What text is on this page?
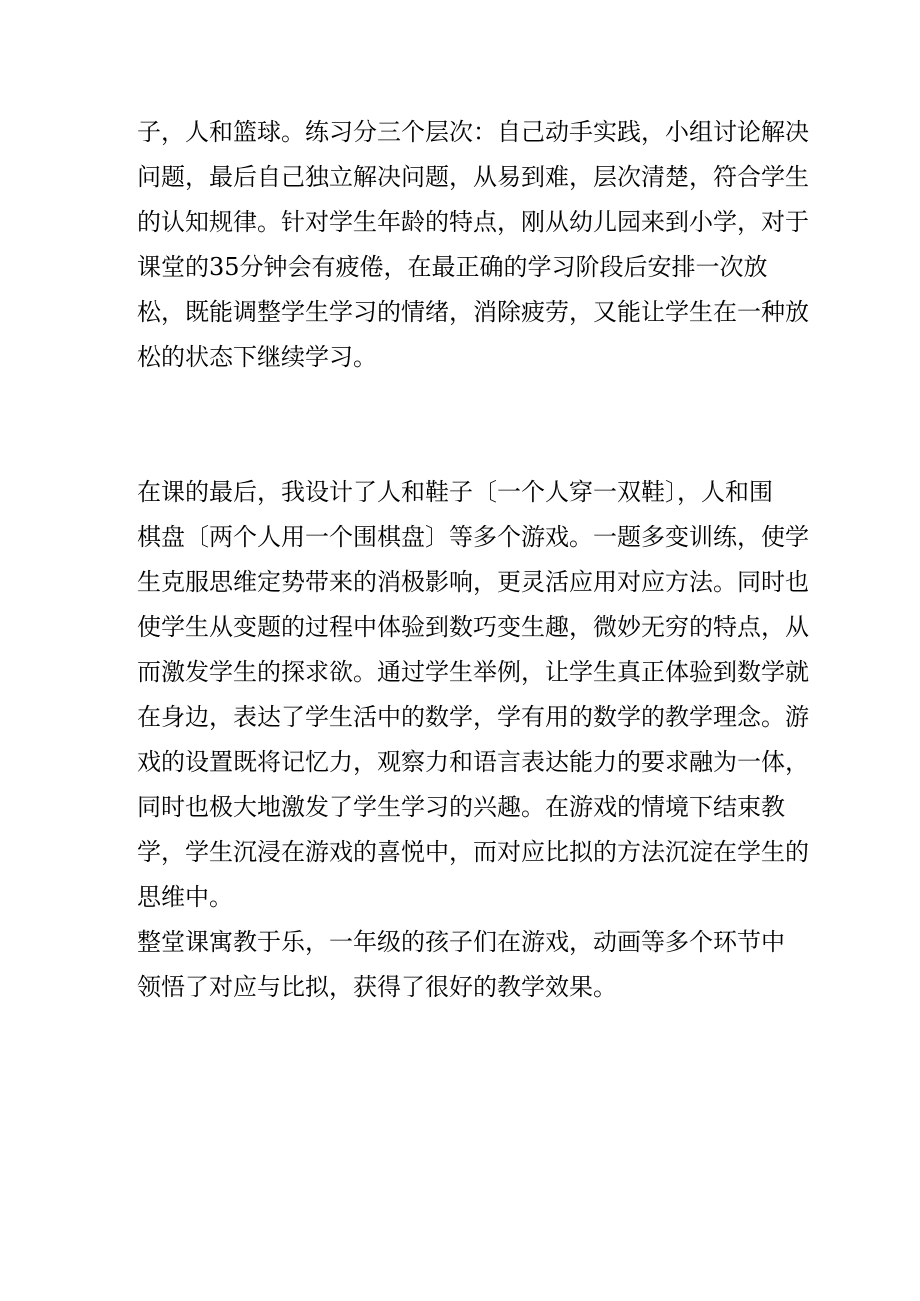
子，人和篮球。练习分三个层次：自己动手实践，小组讨论解决
问题，最后自己独立解决问题，从易到难，层次清楚，符合学生
的认知规律。针对学生年龄的特点，刚从幼儿园来到小学，对于
课堂的35分钟会有疲倦，在最正确的学习阶段后安排一次放
松，既能调整学生学习的情绪，消除疲劳，又能让学生在一种放
松的状态下继续学习。
在课的最后，我设计了人和鞋子〔一个人穿一双鞋〕，人和围
棋盘〔两个人用一个围棋盘〕等多个游戏。一题多变训练，使学
生克服思维定势带来的消极影响，更灵活应用对应方法。同时也
使学生从变题的过程中体验到数巧变生趣，微妙无穷的特点，从
而激发学生的探求欲。通过学生举例，让学生真正体验到数学就
在身边，表达了学生活中的数学，学有用的数学的教学理念。游
戏的设置既将记忆力，观察力和语言表达能力的要求融为一体，
同时也极大地激发了学生学习的兴趣。在游戏的情境下结束教
学，学生沉浸在游戏的喜悦中，而对应比拟的方法沉淀在学生的
思维中。
整堂课寓教于乐，一年级的孩子们在游戏，动画等多个环节中
领悟了对应与比拟，获得了很好的教学效果。
